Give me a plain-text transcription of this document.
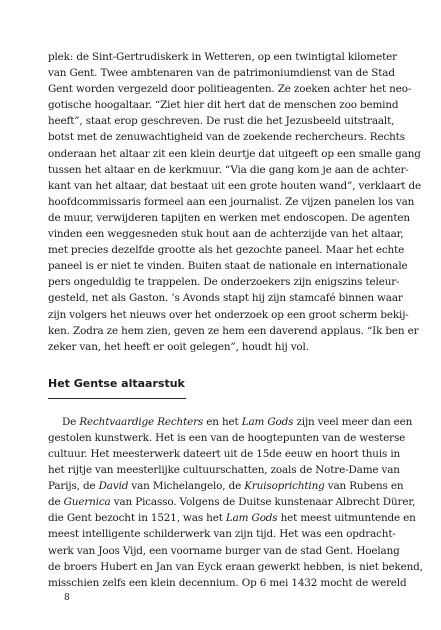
plek: de Sint-Gertrudiskerk in Wetteren, op een twintigtal kilometer
van Gent. Twee ambtenaren van de patrimoniumdienst van de Stad
Gent worden vergezeld door politieagenten. Ze zoeken achter het neo-
gotische hoogaltaar. “Ziet hier dit hert dat de menschen zoo bemind
heeft”, staat erop geschreven. De rust die het Jezusbeeld uitstraalt,
botst met de zenuwachtigheid van de zoekende rechercheurs. Rechts
onderaan het altaar zit een klein deurtje dat uitgeeft op een smalle gang
tussen het altaar en de kerkmuur. “Via die gang kom je aan de achter-
kant van het altaar, dat bestaat uit een grote houten wand”, verklaart de
hoofdcommissaris formeel aan een journalist. Ze vijzen panelen los van
de muur, verwijderen tapijten en werken met endoscopen. De agenten
vinden een weggesneden stuk hout aan de achterzijde van het altaar,
met precies dezelfde grootte als het gezochte paneel. Maar het echte
paneel is er niet te vinden. Buiten staat de nationale en internationale
pers ongeduldig te trappelen. De onderzoekers zijn enigszins teleur-
gesteld, net als Gaston. ’s Avonds stapt hij zijn stamcafé binnen waar
zijn volgers het nieuws over het onderzoek op een groot scherm bekij-
ken. Zodra ze hem zien, geven ze hem een daverend applaus. “Ik ben er
zeker van, het heeft er ooit gelegen”, houdt hij vol.
Het Gentse altaarstuk
De Rechtvaardige Rechters en het Lam Gods zijn veel meer dan een
gestolen kunstwerk. Het is een van de hoogtepunten van de westerse
cultuur. Het meesterwerk dateert uit de 15de eeuw en hoort thuis in
het rijtje van meesterlijke cultuurschatten, zoals de Notre-Dame van
Parijs, de David van Michelangelo, de Kruisoprichting van Rubens en
de Guernica van Picasso. Volgens de Duitse kunstenaar Albrecht Dürer,
die Gent bezocht in 1521, was het Lam Gods het meest uitmuntende en
meest intelligente schilderwerk van zijn tijd. Het was een opdracht-
werk van Joos Vijd, een voorname burger van de stad Gent. Hoelang
de broers Hubert en Jan van Eyck eraan gewerkt hebben, is niet bekend,
misschien zelfs een klein decennium. Op 6 mei 1432 mocht de wereld
8
